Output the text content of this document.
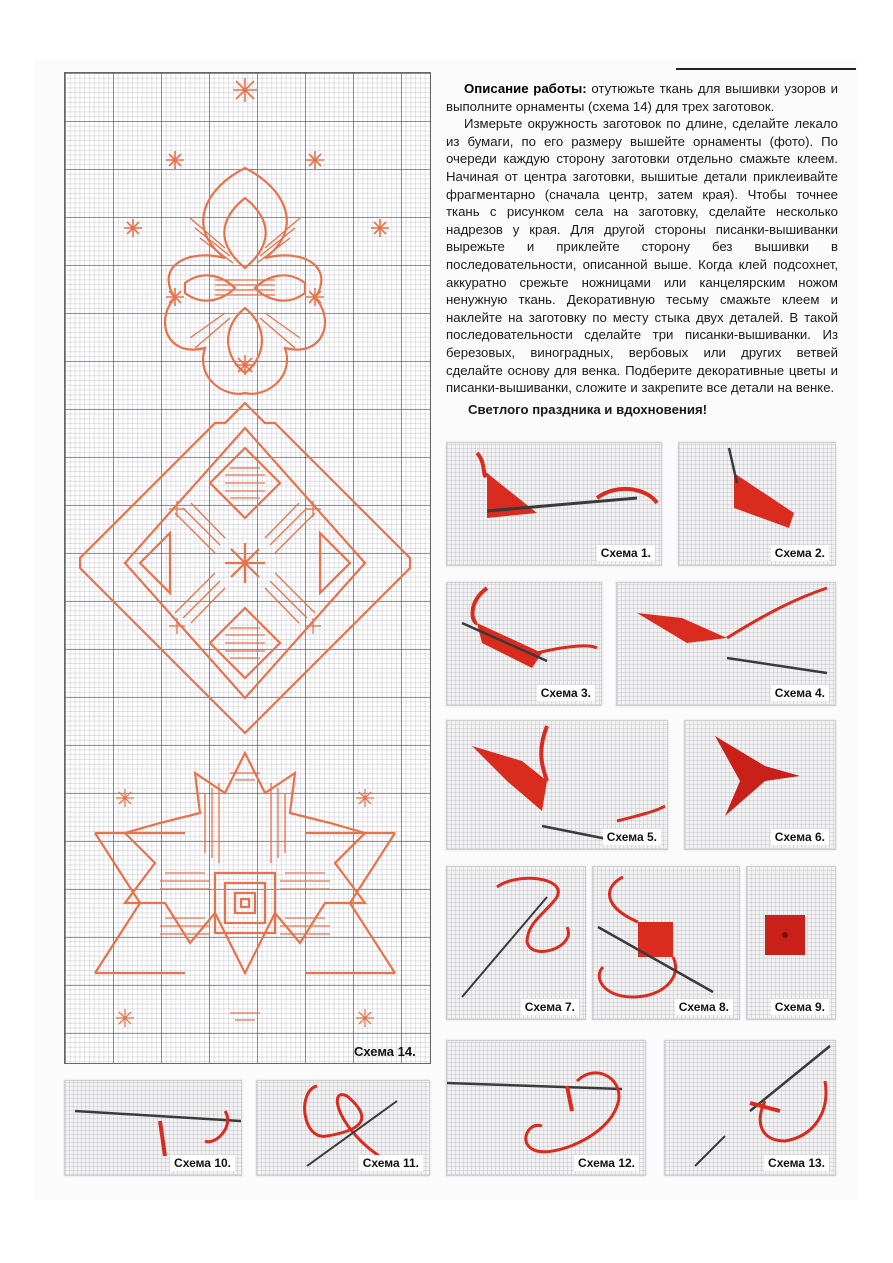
Схема 14.

Описание работы: отутюжьте ткань для вышивки узоров и выполните орнаменты (схема 14) для трех заготовок.

Измерьте окружность заготовок по длине, сделайте лекало из бумаги, по его размеру вышейте орнаменты (фото). По очереди каждую сторону заготовки отдельно смажьте клеем. Начиная от центра заготовки, вышитые детали приклеивайте фрагментарно (сначала центр, затем края). Чтобы точнее ткань с рисунком села на заготовку, сделайте несколько надрезов у края. Для другой стороны писанки-вышиванки вырежьте и приклейте сторону без вышивки в последовательности, описанной выше. Когда клей подсохнет, аккуратно срежьте ножницами или канцелярским ножом ненужную ткань. Декоративную тесьму смажьте клеем и наклейте на заготовку по месту стыка двух деталей. В такой последовательности сделайте три писанки-вышиванки. Из березовых, виноградных, вербовых или других ветвей сделайте основу для венка. Подберите декоративные цветы и писанки-вышиванки, сложите и закрепите все детали на венке.

Светлого праздника и вдохновения!

Схема 1.	Схема 2.
Схема 3.	Схема 4.
Схема 5.	Схема 6.
Схема 7.	Схема 8.	Схема 9.
Схема 10.	Схема 11.	Схема 12.	Схема 13.
